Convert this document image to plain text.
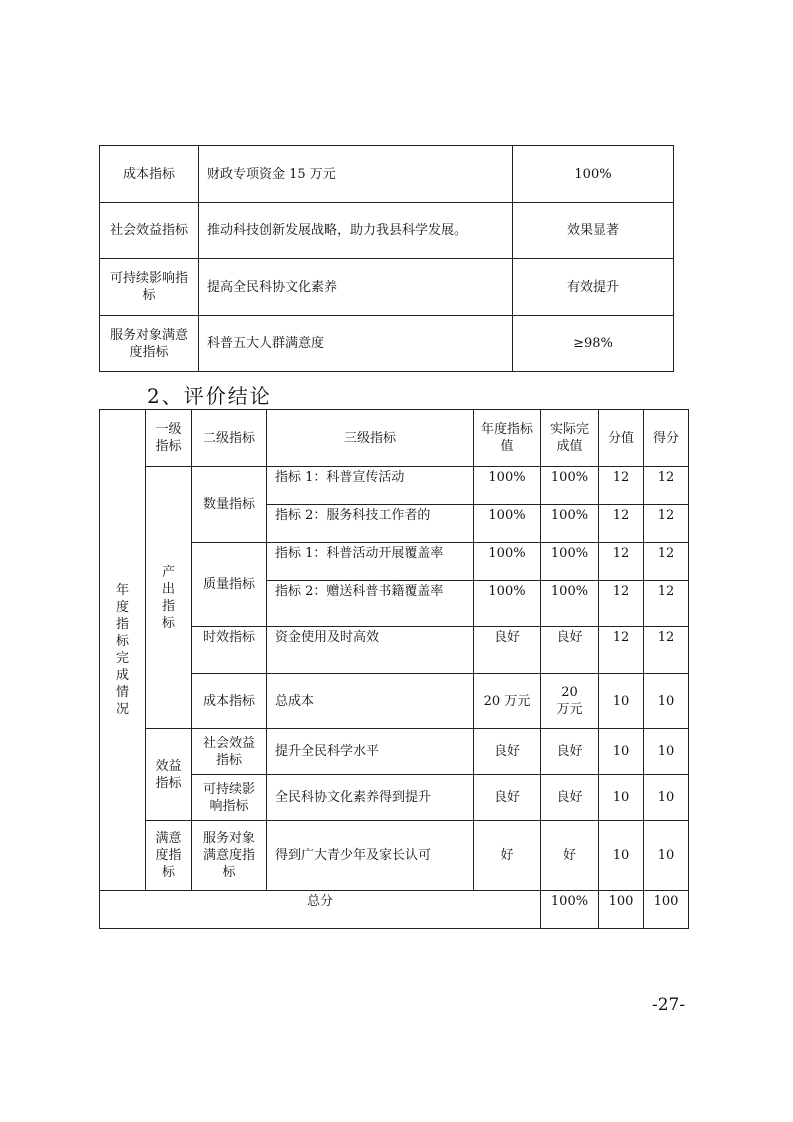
成本指标	财政专项资金 15 万元	100%
社会效益指标	推动科技创新发展战略，助力我县科学发展。	效果显著
可持续影响指标	提高全民科协文化素养	有效提升
服务对象满意度指标	科普五大人群满意度	≥98%
2、评价结论
年度指标完成情况	一级指标	二级指标	三级指标	年度指标值	实际完成值	分值	得分
	产出指标	数量指标	指标 1：科普宣传活动	100%	100%	12	12
			指标 2：服务科技工作者的	100%	100%	12	12
		质量指标	指标 1：科普活动开展覆盖率	100%	100%	12	12
			指标 2：赠送科普书籍覆盖率	100%	100%	12	12
		时效指标	资金使用及时高效	良好	良好	12	12
		成本指标	总成本	20 万元	20 万元	10	10
	效益指标	社会效益指标	提升全民科学水平	良好	良好	10	10
		可持续影响指标	全民科协文化素养得到提升	良好	良好	10	10
	满意度指标	服务对象满意度指标	得到广大青少年及家长认可	好	好	10	10
总分					100%	100	100
-27-
